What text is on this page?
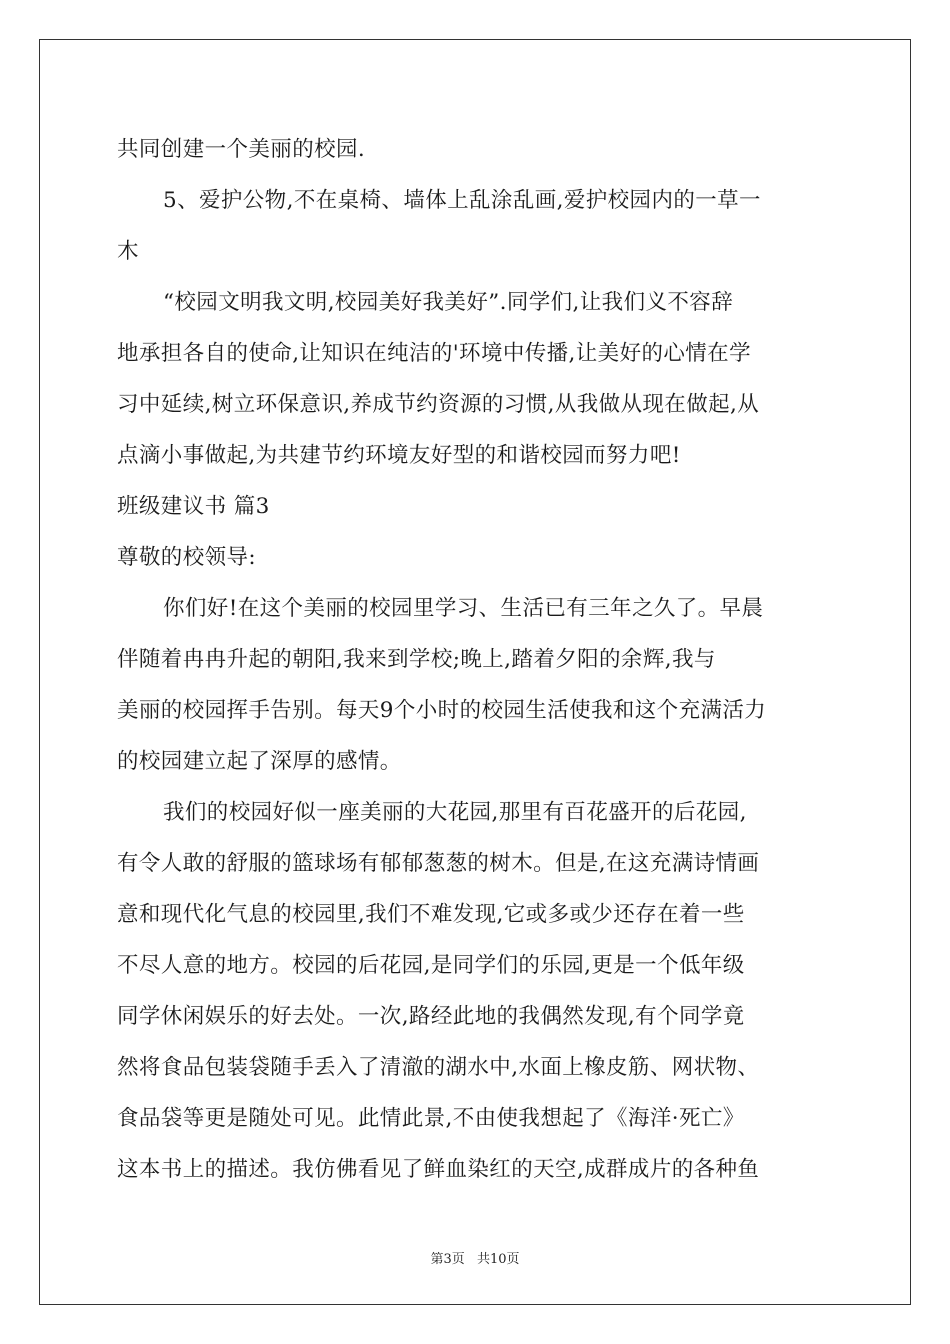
共同创建一个美丽的校园.
5、爱护公物,不在桌椅、墙体上乱涂乱画,爱护校园内的一草一
木
“校园文明我文明,校园美好我美好”.同学们,让我们义不容辞
地承担各自的使命,让知识在纯洁的'环境中传播,让美好的心情在学
习中延续,树立环保意识,养成节约资源的习惯,从我做从现在做起,从
点滴小事做起,为共建节约环境友好型的和谐校园而努力吧!
班级建议书 篇3
尊敬的校领导:
你们好!在这个美丽的校园里学习、生活已有三年之久了。早晨
伴随着冉冉升起的朝阳,我来到学校;晚上,踏着夕阳的余辉,我与
美丽的校园挥手告别。每天9个小时的校园生活使我和这个充满活力
的校园建立起了深厚的感情。
我们的校园好似一座美丽的大花园,那里有百花盛开的后花园,
有令人敢的舒服的篮球场有郁郁葱葱的树木。但是,在这充满诗情画
意和现代化气息的校园里,我们不难发现,它或多或少还存在着一些
不尽人意的地方。校园的后花园,是同学们的乐园,更是一个低年级
同学休闲娱乐的好去处。一次,路经此地的我偶然发现,有个同学竟
然将食品包装袋随手丢入了清澈的湖水中,水面上橡皮筋、网状物、
食品袋等更是随处可见。此情此景,不由使我想起了《海洋·死亡》
这本书上的描述。我仿佛看见了鲜血染红的天空,成群成片的各种鱼
第3页 共10页
